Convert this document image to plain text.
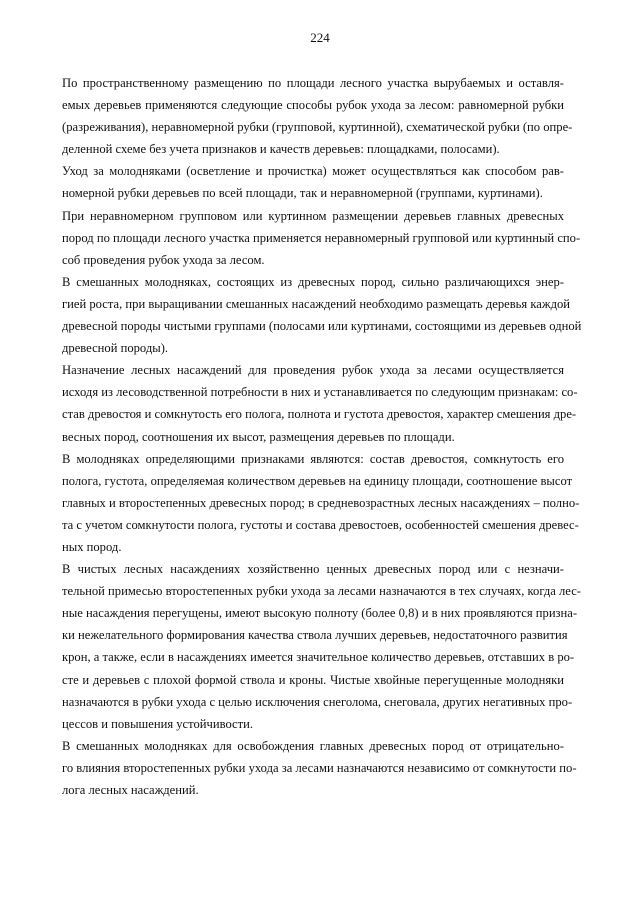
224

По пространственному размещению по площади лесного участка вырубаемых и оставля-
емых деревьев применяются следующие способы рубок ухода за лесом: равномерной рубки
(разреживания), неравномерной рубки (групповой, куртинной), схематической рубки (по опре-
деленной схеме без учета признаков и качеств деревьев: площадками, полосами).

Уход за молодняками (осветление и прочистка) может осуществляться как способом рав-
номерной рубки деревьев по всей площади, так и неравномерной (группами, куртинами).

При неравномерном групповом или куртинном размещении деревьев главных древесных
пород по площади лесного участка применяется неравномерный групповой или куртинный спо-
соб проведения рубок ухода за лесом.

В смешанных молодняках, состоящих из древесных пород, сильно различающихся энер-
гией роста, при выращивании смешанных насаждений необходимо размещать деревья каждой
древесной породы чистыми группами (полосами или куртинами, состоящими из деревьев одной
древесной породы).

Назначение лесных насаждений для проведения рубок ухода за лесами осуществляется
исходя из лесоводственной потребности в них и устанавливается по следующим признакам: со-
став древостоя и сомкнутость его полога, полнота и густота древостоя, характер смешения дре-
весных пород, соотношения их высот, размещения деревьев по площади.

В молодняках определяющими признаками являются: состав древостоя, сомкнутость его
полога, густота, определяемая количеством деревьев на единицу площади, соотношение высот
главных и второстепенных древесных пород; в средневозрастных лесных насаждениях – полно-
та с учетом сомкнутости полога, густоты и состава древостоев, особенностей смешения древес-
ных пород.

В чистых лесных насаждениях хозяйственно ценных древесных пород или с незначи-
тельной примесью второстепенных рубки ухода за лесами назначаются в тех случаях, когда лес-
ные насаждения перегущены, имеют высокую полноту (более 0,8) и в них проявляются призна-
ки нежелательного формирования качества ствола лучших деревьев, недостаточного развития
крон, а также, если в насаждениях имеется значительное количество деревьев, отставших в ро-
сте и деревьев с плохой формой ствола и кроны. Чистые хвойные перегущенные молодняки
назначаются в рубки ухода с целью исключения снеголома, снеговала, других негативных про-
цессов и повышения устойчивости.

В смешанных молодняках для освобождения главных древесных пород от отрицательно-
го влияния второстепенных рубки ухода за лесами назначаются независимо от сомкнутости по-
лога лесных насаждений.
